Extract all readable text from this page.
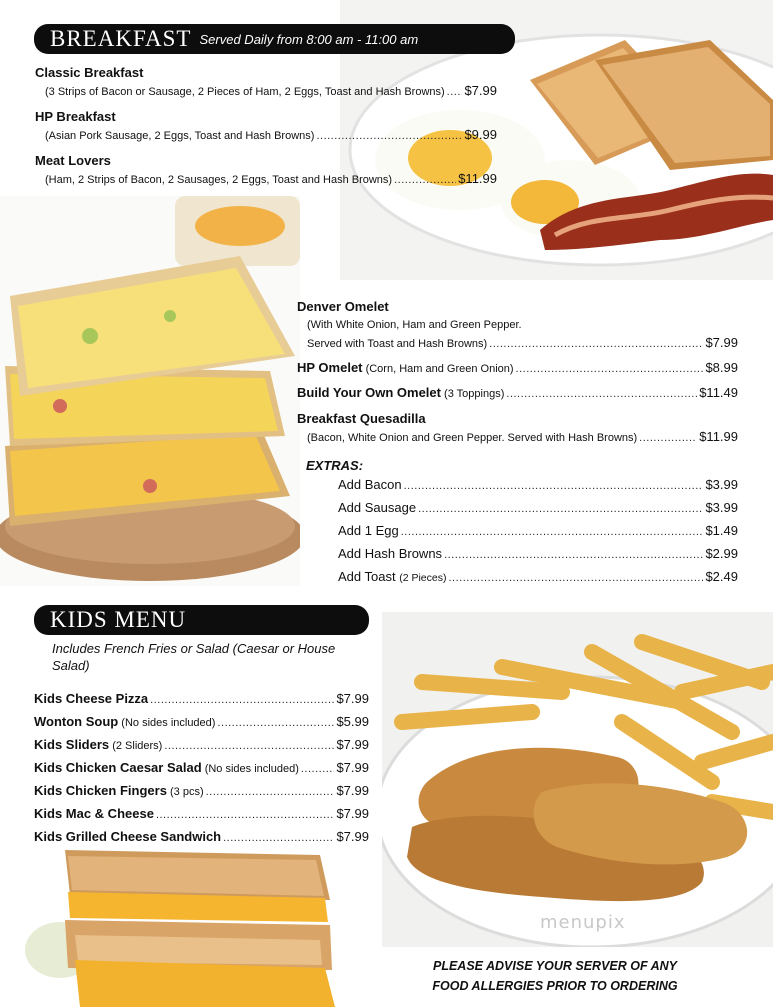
menupix
BREAKFAST Served Daily from 8:00 am - 11:00 am
Classic Breakfast
(3 Strips of Bacon or Sausage, 2 Pieces of Ham, 2 Eggs, Toast and Hash Browns) ..... $7.99
HP Breakfast
(Asian Pork Sausage, 2 Eggs, Toast and Hash Browns) .....	$9.99
Meat Lovers
(Ham, 2 Strips of Bacon, 2 Sausages, 2 Eggs, Toast and Hash Browns) .....	$11.99
Denver Omelet
(With White Onion, Ham and Green Pepper.
Served with Toast and Hash Browns) .....	$7.99
HP Omelet
(Corn, Ham and Green Onion) .....	$8.99
Build Your Own Omelet
(3 Toppings) .....	$11.49
Breakfast Quesadilla
(Bacon, White Onion and Green Pepper. Served with Hash Browns) .....	$11.99
EXTRAS:
Add Bacon .....	$3.99
Add Sausage .....	$3.99
Add 1 Egg .....	$1.49
Add Hash Browns .....	$2.99
Add Toast
(2 Pieces) .....	$2.49
KIDS MENU
Includes French Fries or Salad (Caesar or House
Salad)
Kids Cheese Pizza .....	$7.99
Wonton Soup
(No sides included) .....	$5.99
Kids Sliders
(2 Sliders) .....	$7.99
Kids Chicken Caesar Salad
(No sides included) .....	$7.99
Kids Chicken Fingers
(3 pcs) .....	$7.99
Kids Mac & Cheese .....	$7.99
Kids Grilled Cheese Sandwich .....	$7.99
PLEASE ADVISE YOUR SERVER OF ANY
FOOD ALLERGIES PRIOR TO ORDERING
